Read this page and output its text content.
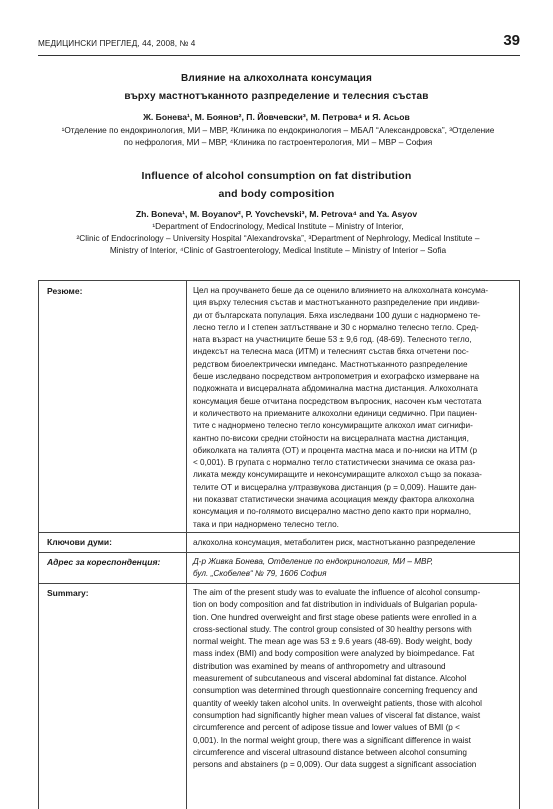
МЕДИЦИНСКИ ПРЕГЛЕД, 44, 2008, № 4	39
Влияние на алкохолната консумация
върху мастнотъканното разпределение и телесния състав
Ж. Бонева¹, М. Боянов², П. Йовчевски³, М. Петрова⁴ и Я. Асьов
¹Отделение по ендокринология, МИ – МВР, ²Клиника по ендокринология – МБАЛ “Александровска”, ³Отделение
по нефрология, МИ – МВР, ⁴Клиника по гастроентерология, МИ – МВР – София
Influence of alcohol consumption on fat distribution
and body composition
Zh. Boneva¹, M. Boyanov², P. Yovchevski³, M. Petrova⁴ and Ya. Asyov
¹Department of Endocrinology, Medical Institute – Ministry of Interior,
²Clinic of Endocrinology – University Hospital “Alexandrovska”, ³Department of Nephrology, Medical Institute –
Ministry of Interior, ⁴Clinic of Gastroenterology, Medical Institute – Ministry of Interior – Sofia
Резюме:	Цел на проучването беше да се оценило влиянието на алкохолната консума-
ция върху телесния състав и мастнотъканното разпределение при индиви-
ди от българската популация. Бяха изследвани 100 души с наднормено те-
лесно тегло и I степен затлъстяване и 30 с нормално телесно тегло. Сред-
ната възраст на участниците беше 53 ± 9,6 год. (48-69). Телесното тегло,
индексът на телесна маса (ИТМ) и телесният състав бяха отчетени пос-
редством биоелектрически импеданс. Мастнотъканното разпределение
беше изследвано посредством антропометрия и ехографско измерване на
подкожната и висцералната абдоминална мастна дистанция. Алкохолната
консумация беше отчитана посредством въпросник, насочен към честотата
и количеството на приеманите алкохолни единици седмично. При пациен-
тите с наднормено телесно тегло консумиращите алкохол имат сигнифи-
кантно по-високи средни стойности на висцералната мастна дистанция,
обиколката на талията (ОТ) и процента мастна маса и по-ниски на ИТМ (p
< 0,001). В групата с нормално тегло статистически значима се оказа раз-
ликата между консумиращите и неконсумиращите алкохол също за показа-
телите ОТ и висцерална ултразвукова дистанция (p = 0,009). Нашите дан-
ни показват статистически значима асоциация между фактора алкохолна
консумация и по-голямото висцерално мастно депо както при нормално,
така и при наднормено телесно тегло.
Ключови думи:	алкохолна консумация, метаболитен риск, мастнотъканно разпределение
Адрес за кореспонденция:	Д-р Живка Бонева, Отделение по ендокринология, МИ – МВР,
бул. „Скобелев“ № 79, 1606 София
Summary:	The aim of the present study was to evaluate the influence of alcohol consump-
tion on body composition and fat distribution in individuals of Bulgarian popula-
tion. One hundred overweight and first stage obese patients were enrolled in a
cross-sectional study. The control group consisted of 30 healthy persons with
normal weight. The mean age was 53 ± 9.6 years (48-69). Body weight, body
mass index (BMI) and body composition were analyzed by bioimpedance. Fat
distribution was examined by means of anthropometry and ultrasound
measurement of subcutaneous and visceral abdominal fat distance. Alcohol
consumption was determined through questionnaire concerning frequency and
quantity of weekly taken alcohol units. In overweight patients, those with alcohol
consumption had significantly higher mean values of visceral fat distance, waist
circumference and percent of adipose tissue and lower values of BMI (p <
0,001). In the normal weight group, there was a significant difference in waist
circumference and visceral ultrasound distance between alcohol consuming
persons and abstainers (p = 0,009). Our data suggest a significant association
